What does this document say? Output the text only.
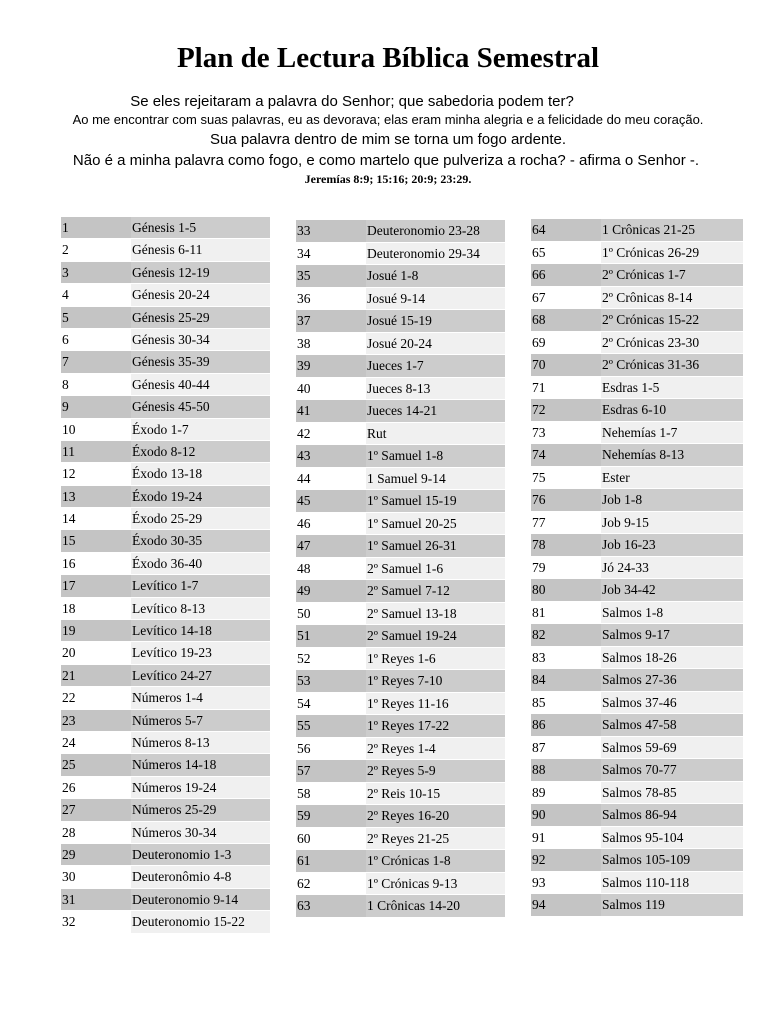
Plan de Lectura Bíblica Semestral

Se eles rejeitaram a palavra do Senhor; que sabedoria podem ter?

Ao me encontrar com suas palavras, eu as devorava; elas eram minha alegria e a felicidade do meu coração.

Sua palavra dentro de mim se torna um fogo ardente.

Não é a minha palavra como fogo, e como martelo que pulveriza a rocha? - afirma o Senhor -.

Jeremías 8:9; 15:16; 20:9; 23:29.
1	Génesis 1-5
2	Génesis 6-11
3	Génesis 12-19
4	Génesis 20-24
5	Génesis 25-29
6	Génesis 30-34
7	Génesis 35-39
8	Génesis 40-44
9	Génesis 45-50
10	Éxodo 1-7
11	Éxodo 8-12
12	Éxodo 13-18
13	Éxodo 19-24
14	Éxodo 25-29
15	Éxodo 30-35
16	Éxodo 36-40
17	Levítico 1-7
18	Levítico 8-13
19	Levítico 14-18
20	Levítico 19-23
21	Levítico 24-27
22	Números 1-4
23	Números 5-7
24	Números 8-13
25	Números 14-18
26	Números 19-24
27	Números 25-29
28	Números 30-34
29	Deuteronomio 1-3
30	Deuteronômio 4-8
31	Deuteronomio 9-14
32	Deuteronomio 15-22
33	Deuteronomio 23-28
34	Deuteronomio 29-34
35	Josué 1-8
36	Josué 9-14
37	Josué 15-19
38	Josué 20-24
39	Jueces 1-7
40	Jueces 8-13
41	Jueces 14-21
42	Rut
43	1º Samuel 1-8
44	1 Samuel 9-14
45	1º Samuel 15-19
46	1º Samuel 20-25
47	1º Samuel 26-31
48	2º Samuel 1-6
49	2º Samuel 7-12
50	2º Samuel 13-18
51	2º Samuel 19-24
52	1º Reyes 1-6
53	1º Reyes 7-10
54	1º Reyes 11-16
55	1º Reyes 17-22
56	2º Reyes 1-4
57	2º Reyes 5-9
58	2º Reis 10-15
59	2º Reyes 16-20
60	2º Reyes 21-25
61	1º Crónicas 1-8
62	1º Crónicas 9-13
63	1 Crônicas 14-20
64	1 Crônicas 21-25
65	1º Crónicas 26-29
66	2º Crónicas 1-7
67	2º Crônicas 8-14
68	2º Crónicas 15-22
69	2º Crónicas 23-30
70	2º Crónicas 31-36
71	Esdras 1-5
72	Esdras 6-10
73	Nehemías 1-7
74	Nehemías 8-13
75	Ester
76	Job 1-8
77	Job 9-15
78	Job 16-23
79	Jó 24-33
80	Job 34-42
81	Salmos 1-8
82	Salmos 9-17
83	Salmos 18-26
84	Salmos 27-36
85	Salmos 37-46
86	Salmos 47-58
87	Salmos 59-69
88	Salmos 70-77
89	Salmos 78-85
90	Salmos 86-94
91	Salmos 95-104
92	Salmos 105-109
93	Salmos 110-118
94	Salmos 119
